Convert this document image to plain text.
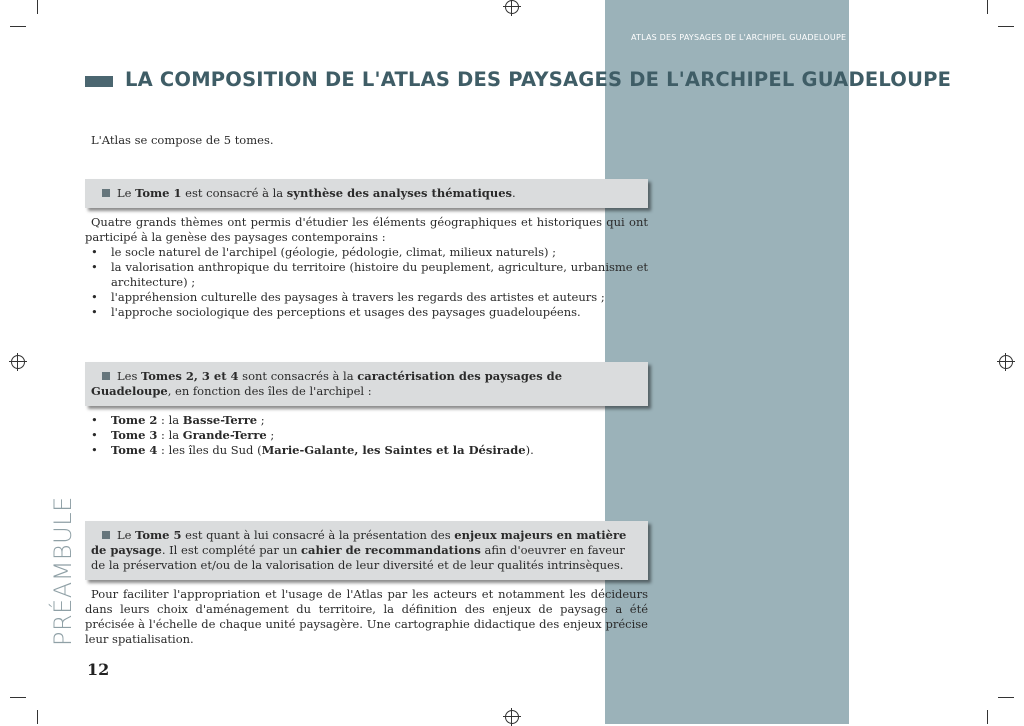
ATLAS DES PAYSAGES DE L'ARCHIPEL GUADELOUPE
LA COMPOSITION DE L'ATLAS DES PAYSAGES DE L'ARCHIPEL GUADELOUPE
L'Atlas se compose de 5 tomes.
Le Tome 1 est consacré à la synthèse des analyses thématiques.
Quatre grands thèmes ont permis d'étudier les éléments géographiques et historiques qui ont participé à la genèse des paysages contemporains :
• le socle naturel de l'archipel (géologie, pédologie, climat, milieux naturels) ;
• la valorisation anthropique du territoire (histoire du peuplement, agriculture, urbanisme et architecture) ;
• l'appréhension culturelle des paysages à travers les regards des artistes et auteurs ;
• l'approche sociologique des perceptions et usages des paysages guadeloupéens.
Les Tomes 2, 3 et 4 sont consacrés à la caractérisation des paysages de Guadeloupe, en fonction des îles de l'archipel :
• Tome 2 : la Basse-Terre ;
• Tome 3 : la Grande-Terre ;
• Tome 4 : les îles du Sud (Marie-Galante, les Saintes et la Désirade).
Le Tome 5 est quant à lui consacré à la présentation des enjeux majeurs en matière de paysage. Il est complété par un cahier de recommandations afin d'oeuvrer en faveur de la préservation et/ou de la valorisation de leur diversité et de leur qualités intrinsèques.
Pour faciliter l'appropriation et l'usage de l'Atlas par les acteurs et notamment les décideurs dans leurs choix d'aménagement du territoire, la définition des enjeux de paysage a été précisée à l'échelle de chaque unité paysagère. Une cartographie didactique des enjeux précise leur spatialisation.
PRÉAMBULE
12
